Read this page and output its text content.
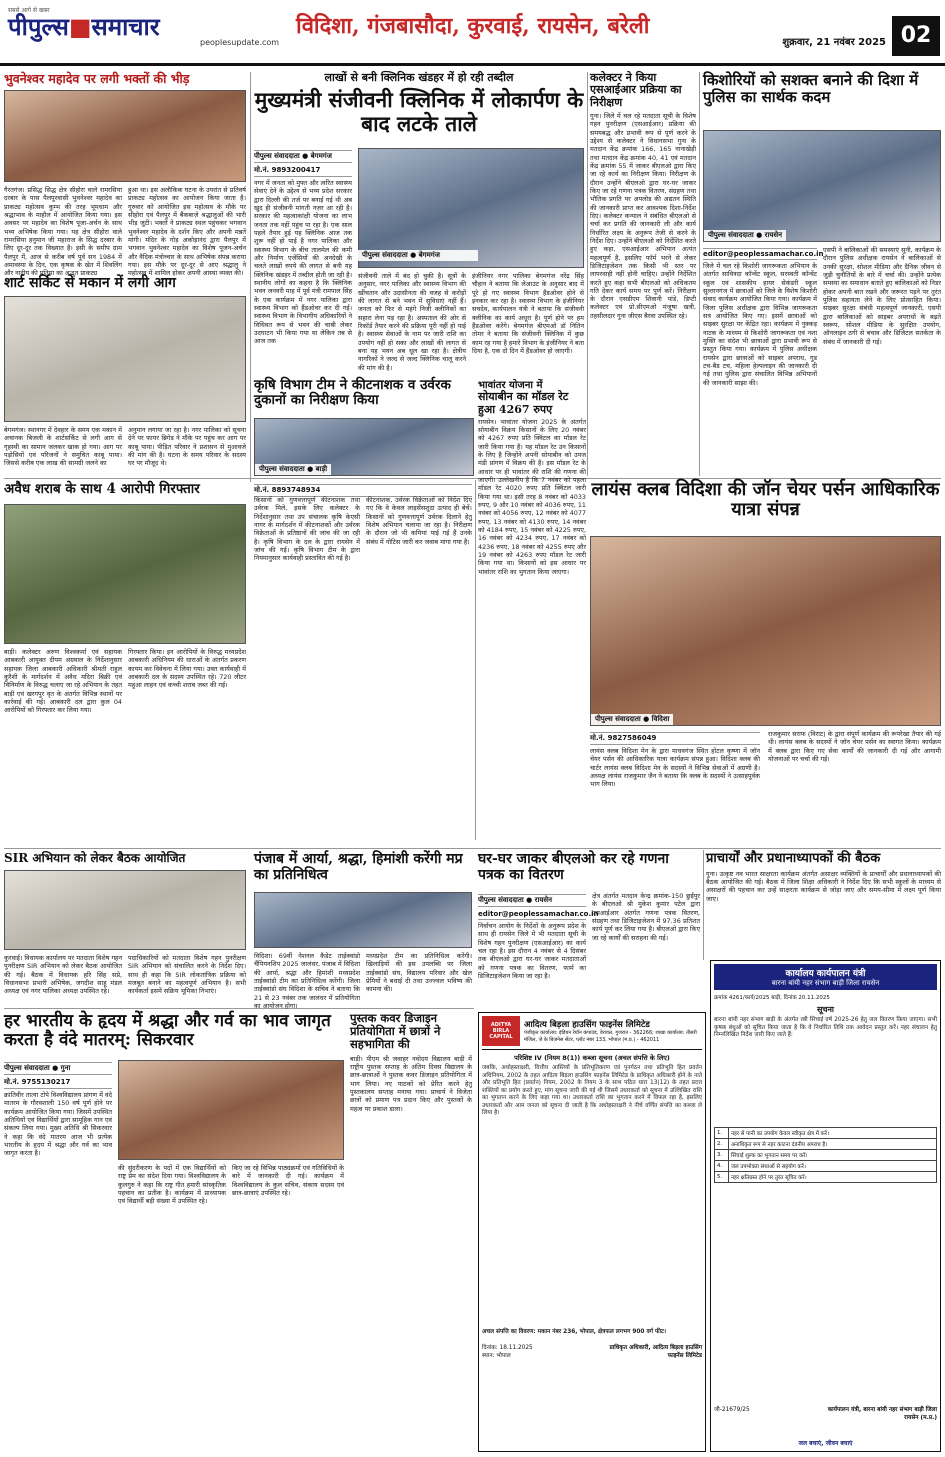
सबसे आगे से खबर
पीपुल्स■समाचार
peoplesupdate.com
विदिशा, गंजबासौदा, कुरवाई, रायसेन, बरेली
शुक्रवार, 21 नवंबर 2025 02
भुवनेश्वर महादेव पर लगी भक्तों की भीड़
गैरतगंज। प्रसिद्ध सिद्ध क्षेत्र सीहोरा वाले रामरसिया दरबार के पास पैलपुरवासी भुवनेश्वर महादेव का प्राकट्य महोत्सव कुम्भ की तरह भूमधाम और श्रद्धाभाव के माहौल में आयोजित किया गया। इस अवसर पर महादेव का विशेष पूजा-अर्चन के साथ भव्य अभिषेक किया गया। यह क्षेत्र सीहोरा वाले रामरसिया हनुमान जी महाराज के सिद्ध दरबार के लिए दूर-दूर तक विख्यात है। इसी के समीप ग्राम पैलपुर में, आज से करीब वर्ष पूर्व सन 1984 में अमावस्या के दिन, एक कृषक के खेत में शिवलिंग और नादीय की प्रतिमा का अद्भुत प्राकट्य
हुआ था। इस अलौकिक घटना के उपरांत से प्रतिवर्ष प्राकट्य महोत्सव का आयोजन किया जाता है। गुरुवार को आयोजित इस महोत्सव के मौके पर सीहोरा एवं पैलपुर में बैंकबाज़े श्रद्धालुओं की भारी भीड़ जुटी। भक्तों ने प्राकट्य स्थल पहुंचकर भगवान भुवनेश्वर महादेव के दर्शन किए और अपनी मन्नतें मांगी। मंदिर के गोड़ अकोड़ानंद द्वारा पैलपुर में भगवान भुवनेश्वर महादेव का विशेष पूजन-अर्चन और वैदिक मंत्रोच्चार के साथ अभिषेक संपन्न कराया गया। इस मौके पर दूर-दूर से आए श्रद्धालु ने महोत्सव में शामिल होकर अपनी आस्था व्यक्त की।
शार्ट सर्किट से मकान में लगी आग
बेगमगंज। स्थानगर में देवहार के समय एक मकान में अचानक बिजली के शार्टसर्किट से लगी आग से गृहस्थी का सामान जलकर खाक हो गया। आग पर पड़ोसियों एवं परिजनों ने समुचित काबू पाया। जिससे करीब एक लाख की सामग्री जलने का
अनुमान लगाया जा रहा है। नगर पालिका को सूचना देने पर फायर ब्रिगेड ने मौके पर पहुंच कर आग पर काबू पाया। पीड़ित परिवार ने प्रशासन से मुआवजे की मांग की है। घटना के समय परिवार के सदस्य घर पर मौजूद थे।
लाखों से बनी क्लिनिक खंडहर में हो रही तब्दील
मुख्यमंत्री संजीवनी क्लिनिक में लोकार्पण के बाद लटके ताले
पीपुल्स संवाददाता ● बेगमगंज
मो.नं. 9893200417
नगर में जनता को मुफ्त और त्वरित स्वास्थ्य सेवाएं देने के उद्देश्य से भव्य प्रदेश सरकार द्वारा दिल्ली की तर्ज पर बनाई गई थी अब खुद ही संजीवनी मांगती नज़र आ रही है। सरकार की महत्वाकांक्षी योजना का लाभ जनता तक नहीं पहुंच पा रहा है। एक साल पहले तैयार हुई यह क्लिनिक आज तक शुरू नहीं हो पाई है नगर पालिका और स्वास्थ्य विभाग के बीच तालमेल की कमी और निर्माण एजेंसियों की अनदेखी के चलते लाखों रुपये की लागत से बनी यह क्लिनिक खंडहर में तब्दील होती जा रही है। स्थानीय लोगों का कहना है कि क्लिनिक भवन जनवरी माह में पूर्व मंत्री रामपाल सिंह के एक कार्यक्रम में नगर पालिका द्वारा स्वास्थ्य विभाग को हैंडओवर कर दी गई। स्वास्थ्य विभाग के विभागीय अधिकारियों ने विधिवत रूप से भवन की चाबी लेकर उदघाटन भी किया गया था लेकिन तब से आज तक
संजीवनी ताले में बंद हो चुकी है। सूत्रों के अनुसार, नगर पालिका और स्वास्थ्य विभाग की खींचतान और उदासीनता की वजह से करोड़ों की लागत से बने भवन में सुविधाएं नहीं हैं। जनता को फिर से महंगे निजी क्लीनिकों का सहारा लेना पड़ रहा है। अस्पताल की ओर से रिकॉर्ड तैयार करने की प्रक्रिया पूरी नहीं हो पाई है। स्वास्थ्य सेवाओं के नाम पर जारी राशि का उपयोग नहीं हो सका और लाखों की लागत से बना यह भवन अब धूल खा रहा है। क्षेत्रीय नागरिकों ने जल्द से जल्द क्लिनिक चालू करने की मांग की है।
इंजीनियर नगर पालिका बेगमगंज नरेंद्र सिंह चौहान ने बताया कि लेआउट के अनुसार बाद में पूरे हो गए स्वास्थ्य विभाग हैंडओवर होने से इनकार कर रहा है। स्वास्थ्य विभाग के इंजीनियर सचदेव, कार्यपालन यंत्री ने बताया कि संजीवनी क्लीनिक का कार्य अधूरा है। पूर्ण होने पर हम हैंडओवर करेंगे। बेगमगंज बीएमओ डॉ नितिन तोमर ने बताया कि संजीवनी क्लिनिक में कुछ काम रह गया है हमारे विभाग के इंजीनियर ने बता दिया है, एक दो दिन में हैंडओवर हो जाएगी।
कृषि विभाग टीम ने कीटनाशक व उर्वरक दुकानों का निरीक्षण किया
पीपुल्स संवाददाता ● बाड़ी
भावांतर योजना में
सोयाबीन का मॉडल रेट हुआ 4267 रुपए
रायसेन। भावांतर योजना 2025 के अंतर्गत सोयाबीन विक्रय किसानों के लिए 20 नवंबर को 4267 रुपए प्रति क्विंटल का मॉडल रेट जारी किया गया है। यह मॉडल रेट उन किसानों के लिए है जिन्होंने अपनी सोयाबीन को उपज मंडी प्रांगण में विक्रय की है। इस मॉडल रेट के आधार पर ही भावांतर की राशि की गणना की जाएगी। उल्लेखनीय है कि 7 नवंबर को पहला मॉडल रेट 4020 रुपए प्रति क्विंटल जारी किया गया था। इसी तरह 8 नवंबर को 4033 रुपए, 9 और 10 नवंबर को 4036 रुपए, 11 नवंबर को 4056 रुपए, 12 नवंबर को 4077 रुपए, 13 नवंबर को 4130 रुपए, 14 नवंबर को 4184 रुपए, 15 नवंबर को 4225 रुपए, 16 नवंबर को 4234 रुपए, 17 नवंबर को 4236 रुपए, 18 नवंबर को 4255 रुपए और 19 नवंबर को 4263 रुपए मॉडल रेट जारी किया गया था। किसानों को इस आधार पर भावांतर राशि का भुगतान किया जाएगा।
कलेक्टर ने किया एसआईआर प्रक्रिया का निरीक्षण
गुना। जिले में चल रहे मतदाता सूची के विशेष गहन पुनरीक्षण (एसआईआर) प्रक्रिया की समयबद्ध और प्रभावी रूप से पूर्ण करने के उद्देश्य से कलेक्टर ने विधानसभा गुना के मतदान केंद्र क्रमांक 166, 165 नानाखेड़ी तथा मतदान केंद्र क्रमांक 40, 41 एवं मतदान केंद्र क्रमांक 55 में जाकर बीएलओ द्वारा किए जा रहे कार्य का निरीक्षण किया। निरीक्षण के दौरान उन्होंने बीएलओ द्वारा घर-घर जाकर किए जा रहे गणना पत्रक वितरण, संग्रहण तथा भौतिक प्रगति पर अपलोड की अद्यतन स्थिति की जानकारी प्राप्त कर आवश्यक दिशा-निर्देश दिए। कलेक्टर कन्याल ने संबंधित बीएलओ से चर्चा कर प्रगति की जानकारी ली और कार्य निर्धारित लक्ष्य के अनुरूप तेजी से करने के निर्देश दिए। उन्होंने बीएलओ को निर्देशित करते हुए कहा, एसआईआर अभियान अत्यंत महत्वपूर्ण है, इसलिए फॉर्म भरने से लेकर डिजिटाइजेशन तक किसी भी स्तर पर लापरवाही नहीं होनी चाहिए। उन्होंने निर्देशित करते हुए कहा सभी बीएलओ को अधिकतम गति देकर कार्य समय पर पूर्ण करें। निरीक्षण के दौरान एसडीएम शिवानी पांडे, डिप्टी कलेक्टर एवं प्रो.सीएमओ मंजूषा खत्री, तहसीलदार गुना जीएस बैरवा उपस्थित रहे।
किशोरियों को सशक्त बनाने की दिशा में पुलिस का सार्थक कदम
पीपुल्स संवाददाता ● रायसेन
editor@peoplessamachar.co.in
जिले में चल रहे किशोरी जागरूकता अभियान के अंतर्गत सावित्रदा कॉन्वेंट स्कूल, सरस्वती कॉन्वेंट स्कूल एवं शासकीय हायर सेकंडरी स्कूल सुल्तानगंज में छात्राओं को जिले के विशेष किशोरी संवाद कार्यक्रम आयोजित किया गया। कार्यक्रम में जिला पुलिस अधीक्षक द्वारा विभिन्न जागरूकता सत्र आयोजित किए गए। इसमें छात्राओं को साइबर सुरक्षा पर केंद्रित रहा। कार्यक्रम में नुक्कड़ नाटक के माध्यम से किशोरी जागरूकता एवं नशा मुक्ति का संदेश भी छात्राओं द्वारा प्रभावी रूप से प्रस्तुत किया गया। कार्यक्रम में पुलिस अधीक्षक रायसेन द्वारा छात्राओं को साइबर अपराध, गुड टच-बैड टच, महिला हेल्पलाइन की जानकारी दी गई तथा पुलिस द्वारा संचालित विभिन्न अभियानों की जानकारी साझा की।
एसपी ने बालिकाओं की समस्याएं सुनी, कार्यक्रम के दौरान पुलिस अधीक्षक रायसेन ने बालिकाओं से उनकी सुरक्षा, सोशल मीडिया और दैनिक जीवन से जुड़ी चुनौतियों के बारे में चर्चा की। उन्होंने प्रत्येक समस्या का समाधान बताते हुए बालिकाओं को निडर होकर अपनी बात रखने और जरूरत पड़ने पर तुरंत पुलिस सहायता लेने के लिए प्रोत्साहित किया। साइबर सुरक्षा संबंधी महत्वपूर्ण जानकारी, एसपी द्वारा बालिकाओं को साइबर अपराधों के बढ़ते स्वरूप, सोशल मीडिया के सुरक्षित उपयोग, ऑनलाइन ठगी से बचाव और डिजिटल सतर्कता के संबंध में जानकारी दी गई।
लायंस क्लब विदिशा की जॉन चेयर पर्सन आधिकारिक यात्रा संपन्न
पीपुल्स संवाददाता ● विदिशा
मो.नं. 9827586049
लायंस क्लब विदिशा मेन के द्वारा माधवगंज स्थित होटल कृष्णा में जॉन चेयर पर्सन की आधिकारिक यात्रा कार्यक्रम संपन्न हुआ। विदिशा क्लब की चार्टर लायंस क्लब विदिशा मेन के सदस्यों ने विभिन्न सेवाओं में अग्रणी है। अध्यक्ष लायंस राजकुमार जैन ने बताया कि क्लब के सदस्यों ने उत्साहपूर्वक भाग लिया।
राजकुमार सराफ (विराट) के द्वारा संपूर्ण कार्यक्रम की रूपरेखा तैयार की गई थी। लायंस क्लब के सदस्यों ने जॉन चेयर पर्सन का स्वागत किया। कार्यक्रम में क्लब द्वारा किए गए सेवा कार्यों की जानकारी दी गई और आगामी योजनाओं पर चर्चा की गई।
अवैध शराब के साथ 4 आरोपी गिरफ्तार
बाड़ी। कलेक्टर अरुण विश्वकर्मा एवं सहायक आबकारी आयुक्त दीपम अग्रवाल के निर्देशानुसार सहायक जिला आबकारी अधिकारी श्रीमती राहुल कुरैशी के मार्गदर्शन में अवैध मदिरा बिक्री एवं विनिर्माण के विरुद्ध चलाए जा रहे अभियान के तहत बाड़ी एवं खरगपुर वृत के अंतर्गत विभिन्न स्थानों पर कार्रवाई की गई। आबकारी दल द्वारा कुल 04 आरोपियों को गिरफ्तार कर लिया गया।
गिरफ्तार किया। इन आरोपियों के विरुद्ध मध्यप्रदेश आबकारी अधिनियम की धाराओं के अंतर्गत प्रकरण कायम कर विवेचना में लिया गया। उक्त कार्यवाही में आबकारी दल के सदस्य उपस्थित रहे। 720 लीटर महुआ लाहन एवं कच्ची शराब जब्त की गई।
मो.नं. 8893748934
किसानों को गुणवत्तापूर्ण कीटनाशक तथा उर्वरक मिले, इसके लिए कलेक्टर के निर्देशानुसार तथा उप संचालक कृषि केएसी नागर के मार्गदर्शन में कीटनाशकों और उर्वरक विक्रेताओं के प्रतिष्ठानों की जांच की जा रही है। कृषि विभाग के दल के द्वारा रायसेन में जांच की गई। कृषि विभाग टीम के द्वारा नियमानुसार कार्यवाही प्रस्तावित की गई है।
कीटनाशक, उर्वरक विक्रेताओं को निर्देश दिए गए कि वे केवल लाइसेंसशुदा उत्पाद ही बेचें। किसानों को गुणवत्तापूर्ण उर्वरक दिलाने हेतु विशेष अभियान चलाया जा रहा है। निरीक्षण के दौरान जो भी कमियां पाई गई हैं उनके संबंध में नोटिस जारी कर जवाब मांगा गया है।
प्राचार्यों और प्रधानाध्यापकों की बैठक
गुना। उत्कृष्ट नव भारत साक्षरता कार्यक्रम अंतर्गत असाक्षर व्यक्तियों के प्राचार्यों और प्रधानाध्यापकों की बैठक आयोजित की गई। बैठक में जिला शिक्षा अधिकारी ने निर्देश दिए कि सभी स्कूलों के माध्यम से असाक्षरों की पहचान कर उन्हें साक्षरता कार्यक्रम से जोड़ा जाए और समय-सीमा में लक्ष्य पूर्ण किया जाए।
पंजाब में आर्या, श्रद्धा, हिमांशी करेंगी मप्र का प्रतिनिधित्व
विदिशा। 69वीं नेशनल कैडेट ताईक्वांडो चैंपियनशिप 2025 जालंधर, पंजाब में विदिशा की आर्या, श्रद्धा और हिमांशी मध्यप्रदेश ताईक्वांडो टीम का प्रतिनिधित्व करेंगी। जिला ताईक्वांडो संघ विदिशा के सचिव ने बताया कि 21 से 23 नवंबर तक जालंधर में प्रतियोगिता का आयोजन होगा।
मध्यप्रदेश टीम का प्रतिनिधित्व करेंगी। खिलाड़ियों की इस उपलब्धि पर जिला ताईक्वांडो संघ, विद्यालय परिवार और खेल प्रेमियों ने बधाई दी तथा उज्ज्वल भविष्य की कामना की।
घर-घर जाकर बीएलओ कर रहे गणना पत्रक का वितरण
पीपुल्स संवाददाता ● रायसेन
editor@peoplessamachar.co.in
निर्वाचन आयोग के निर्देशों के अनुरूप प्रदेश के साथ ही रायसेन जिले में भी मतदाता सूची के विशेष गहन पुनरीक्षण (एसआईआर) का कार्य चल रहा है। इस दौरान 4 नवंबर से 4 दिसंबर तक बीएलओ द्वारा घर-घर जाकर मतदाताओं को गणना पत्रक का वितरण, फार्म का डिजिटाइजेशन किया जा रहा है।
क्षेत्र अंतर्गत मतदान केन्द्र क्रमांक-150 छुईपुर के बीएलओ श्री मुकेश कुमार पटेल द्वारा एसआईआर अंतर्गत गणना पत्रक वितरण, संग्रहण तथा डिजिटाइजेशन में 97.36 प्रतिशत कार्य पूर्ण कर लिया गया है। बीएलओ द्वारा किए जा रहे कार्यों की सराहना की गई।
SIR अभियान को लेकर बैठक आयोजित
कुरवाई। विधायक कार्यालय पर मतदाता विशेष गहन पुनरीक्षण SIR अभियान को लेकर बैठक आयोजित की गई। बैठक में विधायक हरि सिंह सप्रे, विधानसभा प्रभारी अभिषेक, जगदीश साहू मंडल अध्यक्ष एवं नगर पालिका अध्यक्ष उपस्थित रहे।
पदाधिकारियों को मतदाता विशेष गहन पुनरीक्षण SIR अभियान को संचालित करने के निर्देश दिए। साथ ही कहा कि SIR लोकतांत्रिक प्रक्रिया को मजबूत बनाने का महत्वपूर्ण अभियान है। सभी कार्यकर्ता इसमें सक्रिय भूमिका निभाएं।
हर भारतीय के हृदय में श्रद्धा और गर्व का भाव जागृत करता है वंदे मातरम्: सिकरवार
पीपुल्स संवाददाता ● गुना
मो.नं. 9755130217
क्रांतिवीर तात्या टोपे विश्वविद्यालय प्रांगण में वंदे मातरम के गौरवशाली 150 वर्ष पूर्ण होने पर कार्यक्रम आयोजित किया गया। जिसमें उपस्थित अतिथियों एवं विद्यार्थियों द्वारा सामूहिक गान एवं संकल्प लिया गया। मुख्य अतिथि श्री सिकरवार ने कहा कि वंदे मातरम आज भी प्रत्येक भारतीय के हृदय में श्रद्धा और गर्व का भाव जागृत करता है।
की सुंदरीकरण के पदों में एक विद्यार्थियों को राष्ट्र प्रेम का संदेश दिया गया। विश्वविद्यालय के कुलगुरु ने कहा कि राष्ट्र गीत हमारी सांस्कृतिक पहचान का प्रतीक है। कार्यक्रम में प्राध्यापक एवं विद्यार्थी बड़ी संख्या में उपस्थित रहे।
किए जा रहे विभिन्न पाठ्यक्रमों एवं गतिविधियों के बारे में जानकारी दी गई। कार्यक्रम में विश्वविद्यालय के कुल सचिव, संकाय सदस्य एवं छात्र-छात्राएं उपस्थित रहे।
पुस्तक कवर डिजाइन प्रतियोगिता में छात्रों ने सहभागिता की
बाड़ी। पीएम श्री जवाहर नवोदय विद्यालय बाड़ी में राष्ट्रीय पुस्तक सप्ताह के अंतिम दिवस विद्यालय के छात्र-छात्राओं ने पुस्तक कवर डिजाइन प्रतियोगिता में भाग लिया। नए पाठकों को प्रेरित करने हेतु पुस्तकालय सप्ताह मनाया गया। प्राचार्य ने विजेता छात्रों को प्रमाण पत्र प्रदान किए और पुस्तकों के महत्व पर प्रकाश डाला।
ADITYA BIRLA CAPITAL
आदित्य बिड़ला हाउसिंग फाइनेंस लिमिटेड
पंजीकृत कार्यालय: इंडियन रेयॉन कंपाउंड, वेरावल, गुजरात - 362266; शाखा कार्यालय: तीसरी मंजिल, जे के बिज़नेस सेंटर, प्लॉट नंबर 133, भोपाल (म.प्र.) - 462011
परिशिष्ट IV (नियम 8(1)) कब्जा सूचना (अचल संपत्ति के लिए)
जबकि, अधोहस्ताक्षरी, वित्तीय आस्तियों के प्रतिभूतिकरण एवं पुनर्गठन तथा प्रतिभूति हित प्रवर्तन अधिनियम, 2002 के तहत आदित्य बिड़ला हाउसिंग फाइनेंस लिमिटेड के प्राधिकृत अधिकारी होने के नाते और प्रतिभूति हित (प्रवर्तन) नियम, 2002 के नियम 3 के साथ पठित धारा 13(12) के तहत प्रदत्त शक्तियों का प्रयोग करते हुए, मांग सूचना जारी की गई थी जिसमें उधारकर्ता को सूचना में उल्लिखित राशि का भुगतान करने के लिए कहा गया था। उधारकर्ता राशि का भुगतान करने में विफल रहा है, इसलिए उधारकर्ता और आम जनता को सूचना दी जाती है कि अधोहस्ताक्षरी ने नीचे वर्णित संपत्ति का कब्जा ले लिया है।
अचल संपत्ति का विवरण: मकान नंबर 236, भोपाल, क्षेत्रफल लगभग 900 वर्ग फीट।
दिनांक: 18.11.2025
स्थान: भोपाल
प्राधिकृत अधिकारी, आदित्य बिड़ला हाउसिंग फाइनेंस लिमिटेड
कार्यालय कार्यपालन यंत्री
बारना बांयी नहर संभाग बाड़ी जिला रायसेन
क्रमांक 4261/कार्य/2025 बाड़ी, दिनांक 20.11.2025
सूचना
बारना बांयी नहर संभाग बाड़ी के अंतर्गत रबी सिंचाई वर्ष 2025-26 हेतु जल वितरण किया जाएगा। सभी कृषक बंधुओं को सूचित किया जाता है कि वे निर्धारित तिथि तक आवेदन प्रस्तुत करें। नहर संचालन हेतु निम्नलिखित निर्देश जारी किए जाते हैं:
1.	नहर से पानी का उपयोग केवल स्वीकृत क्षेत्र में करें।
2.	अनाधिकृत रूप से नहर काटना दंडनीय अपराध है।
3.	सिंचाई शुल्क का भुगतान समय पर करें।
4.	जल उपभोक्ता संथाओं से सहयोग करें।
5.	नहर क्षतिग्रस्त होने पर तुरंत सूचित करें।
जी-21679/25	कार्यपालन यंत्री, बारना बांयी नहर संभाग बाड़ी जिला रायसेन (म.प्र.)
जल बचाएं, जीवन बचाएं
पीपुल्स संवाददाता ● बेगमगंज
